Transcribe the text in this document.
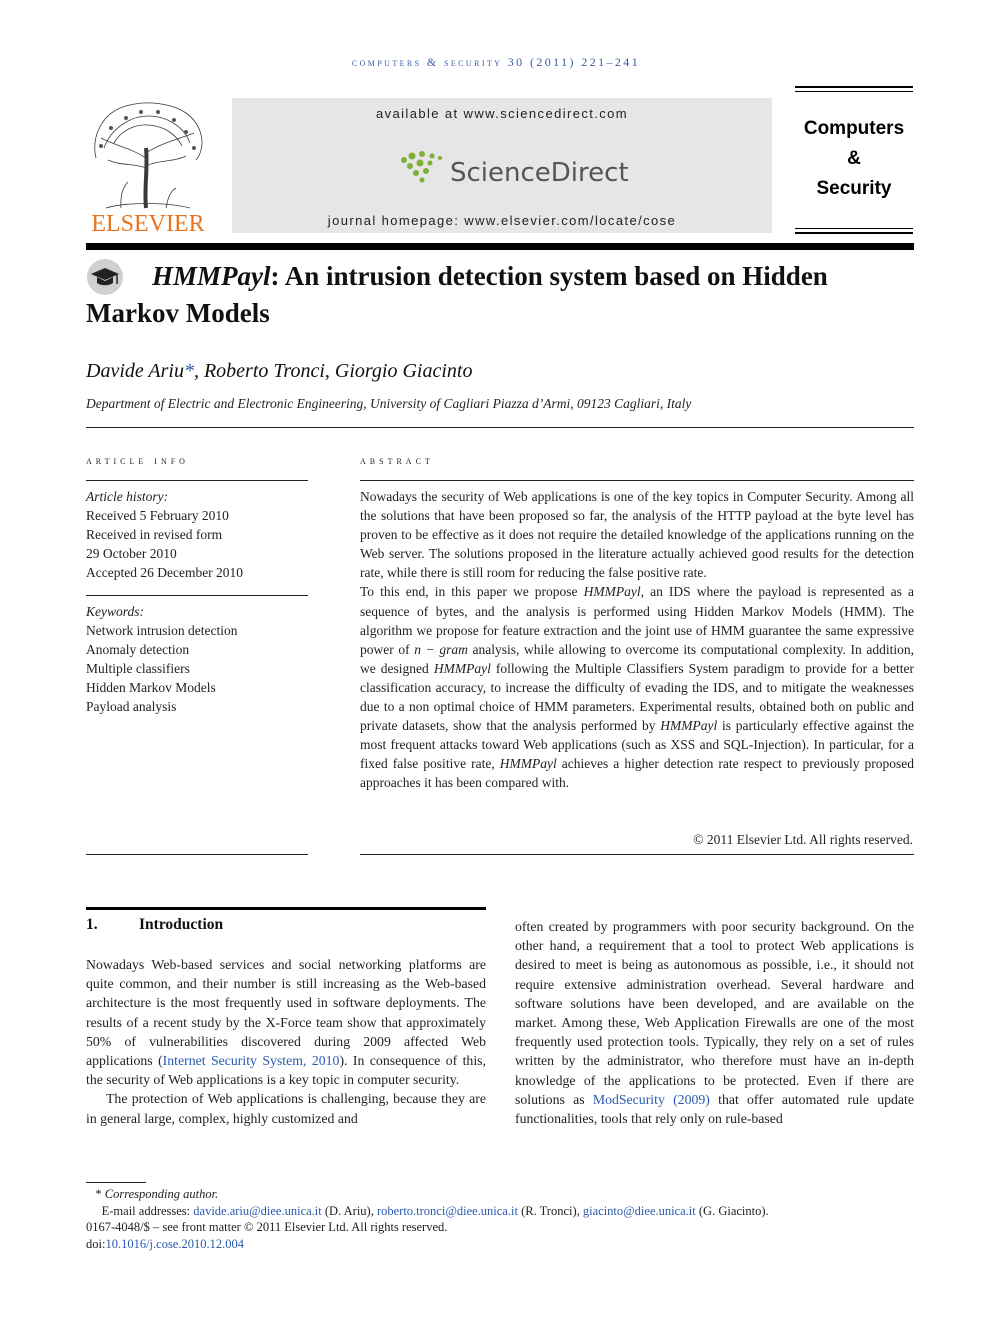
computers & security 30 (2011) 221–241
ELSEVIER
available at www.sciencedirect.com
ScienceDirect
journal homepage: www.elsevier.com/locate/cose
Computers
&
Security
HMMPayl: An intrusion detection system based on Hidden Markov Models
Davide Ariu*, Roberto Tronci, Giorgio Giacinto
Department of Electric and Electronic Engineering, University of Cagliari Piazza d’Armi, 09123 Cagliari, Italy
article info	abstract
Article history:
Received 5 February 2010
Received in revised form
29 October 2010
Accepted 26 December 2010
Keywords:
Network intrusion detection
Anomaly detection
Multiple classifiers
Hidden Markov Models
Payload analysis

Nowadays the security of Web applications is one of the key topics in Computer Security. Among all the solutions that have been proposed so far, the analysis of the HTTP payload at the byte level has proven to be effective as it does not require the detailed knowledge of the applications running on the Web server. The solutions proposed in the literature actually achieved good results for the detection rate, while there is still room for reducing the false positive rate.

To this end, in this paper we propose HMMPayl, an IDS where the payload is represented as a sequence of bytes, and the analysis is performed using Hidden Markov Models (HMM). The algorithm we propose for feature extraction and the joint use of HMM guarantee the same expressive power of n − gram analysis, while allowing to overcome its computational complexity. In addition, we designed HMMPayl following the Multiple Classifiers System paradigm to provide for a better classification accuracy, to increase the difficulty of evading the IDS, and to mitigate the weaknesses due to a non optimal choice of HMM parameters. Experimental results, obtained both on public and private datasets, show that the analysis performed by HMMPayl is particularly effective against the most frequent attacks toward Web applications (such as XSS and SQL-Injection). In particular, for a fixed false positive rate, HMMPayl achieves a higher detection rate respect to previously proposed approaches it has been compared with.

© 2011 Elsevier Ltd. All rights reserved.
1.	Introduction

Nowadays Web-based services and social networking platforms are quite common, and their number is still increasing as the Web-based architecture is the most frequently used in software deployments. The results of a recent study by the X-Force team show that approximately 50% of vulnerabilities discovered during 2009 affected Web applications (Internet Security System, 2010). In consequence of this, the security of Web applications is a key topic in computer security.

The protection of Web applications is challenging, because they are in general large, complex, highly customized and

often created by programmers with poor security background. On the other hand, a requirement that a tool to protect Web applications is desired to meet is being as autonomous as possible, i.e., it should not require extensive administration overhead. Several hardware and software solutions have been developed, and are available on the market. Among these, Web Application Firewalls are one of the most frequently used protection tools. Typically, they rely on a set of rules written by the administrator, who therefore must have an in-depth knowledge of the applications to be protected. Even if there are solutions as ModSecurity (2009) that offer automated rule update functionalities, tools that rely only on rule-based

* Corresponding author.
E-mail addresses: davide.ariu@diee.unica.it (D. Ariu), roberto.tronci@diee.unica.it (R. Tronci), giacinto@diee.unica.it (G. Giacinto).
0167-4048/$ – see front matter © 2011 Elsevier Ltd. All rights reserved.
doi:10.1016/j.cose.2010.12.004
